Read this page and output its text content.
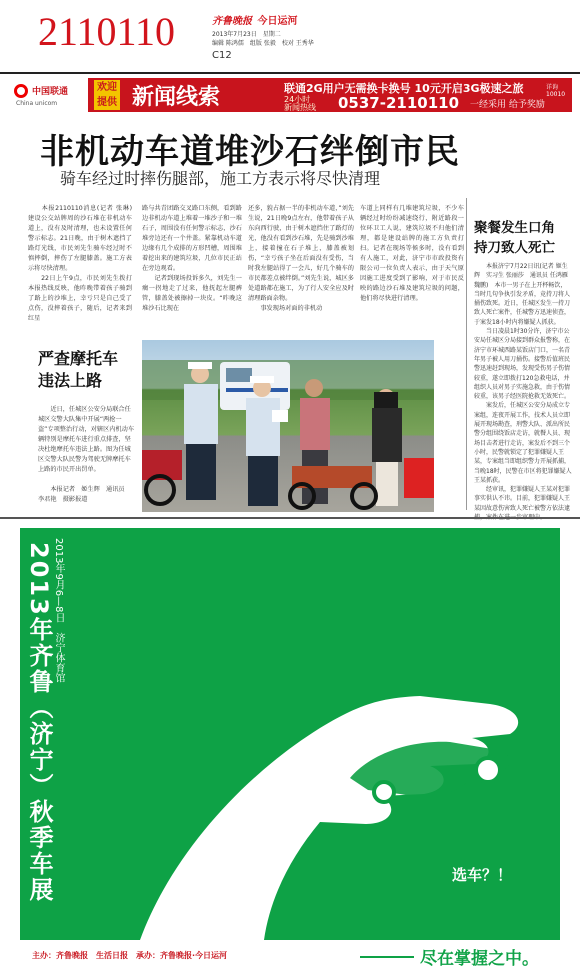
2110110	齐鲁晚报 今日运河
2013年7月23日　星期二
编辑 陈鸿儒　组版 张毅　校对 王秀华
C12
中国联通
China unicom
欢迎
提供 新闻线索	联通2G用户无需换卡换号 10元开启3G极速之旅	详询10010
24小时
新闻热线 0537-2110110 一经采用 给予奖励
非机动车道堆沙石绊倒市民
骑车经过时摔伤腿部，施工方表示将尽快清理
　　本报2110110消息(记者 张琳)　建设公交站牌周的沙石堆在非机动车道上，没有及时清理，也未设置任何警示标志。21日晚，由于树木遮挡了路灯光线，市民刘先生骑车经过时不慎摔倒，摔伤了左腿膝盖。施工方表示将尽快清理。
　　22日上午9点，市民刘先生拨打本报热线反映，他昨晚带着孩子骑到了路上的沙堆上，幸亏只是自己受了点伤，没摔着孩子，随后，记者来到红星
路与共青团路交叉路口东侧，看到路边非机动车道上堆着一堆沙子和一堆石子，周围没有任何警示标志，沙石堆旁边还有一个井盖。紧靠机动车道边缘有几个成排的方形凹槽，周围堆着挖出来的建筑垃圾，几位市民正站在旁边观看。
　　记者到现场投诉多久，刘先生一瘸一拐地走了过来，他抚起左腿裤管，膝盖处被擦掉一块皮。“昨晚这堆沙石比现在
还多，貌占据一半的非机动车道，”刘先生说，21日晚9点左右，他带着孩子从东向西行驶，由于树木遮挡住了路灯的光，他没有看到沙石堆，先是骑到沙堆上，接着撞在石子堆上，膝盖被划伤，“幸亏孩子坐在后面没有受伤，当时我左腿站得了一会儿，好几个骑车的市民都差点被绊倒。”刘先生说，城区多处道路都在施工，为了行人安全应及时清理路面杂物。
　　事发现场对面的非机动
车道上同样有几堆建筑垃圾，不少车辆经过时纷纷减速绕行，附近路段一位环卫工人说，建筑垃圾不归他们清理，都是建设站牌的施工方负责打扫。记者在现场等候多时，没有看到有人施工，对此，济宁市市政投资有限公司一位负责人表示，由于天气原因施工进度受到了影响，对于市民反映的路边沙石堆及建筑垃圾的问题，他们将尽快进行清理。
聚餐发生口角
持刀致人死亡
　　本报济宁7月22日讯(记者 姬生辉　实习生 张丽莎　通讯员 任鸿雁　魏鹏)　本市一男子在上开杯畅饮，当时几句争执引发矛盾，竟持刀将人捅伤致死。近日，任城区发生一持刀致人死亡案件，任城警方迅速侦查，于案发18小时内将嫌疑人抓获。
　　当日凌晨1时30分许，济宁市公安局任城区分局接到群众报警称，在济宁市环城西路某饭店门口，一名青年男子被人用刀捅伤。接警后值班民警迅速赶到现场，发现受伤男子伤情较重，遂立即拨打120急救电话，并组织人员对男子实施急救，由于伤情较重，该男子经医院抢救无效死亡。
　　案发后，任城区公安分局成立专案组，连夜开展工作，技术人员立即展开现场勘查，刑警大队、派出所民警分组围绕饭店走访，就餐人员、现场目击者进行走访，案发后不到三个小时，民警就锁定了犯罪嫌疑人王某，专案组当即组织警力开展抓捕，当晚18时，民警在市区将犯罪嫌疑人王某抓获。
　　经审讯，犯罪嫌疑人王某对犯罪事实供认不讳。目前，犯罪嫌疑人王某因故意伤害致人死亡被警方依法逮
严查摩托车
违法上路
　　近日，任城区公安分局联合任城区交警大队集中开展“两抢一盗”专项整治行动，对辖区内机动车辆特别是摩托车进行重点排查，坚决杜绝摩托车违法上路。图为任城区交警大队民警为驾驶无牌摩托车上路的市民开出罚单。

　　本报记者　姬生辉　通讯员　李君艳　摄影报道
2013年9月6—8日　济宁体育馆
2013年齐鲁（济宁）秋季车展	选车？！
主办：齐鲁晚报　生活日报　承办：齐鲁晚报·今日运河	尽在掌握之中。
